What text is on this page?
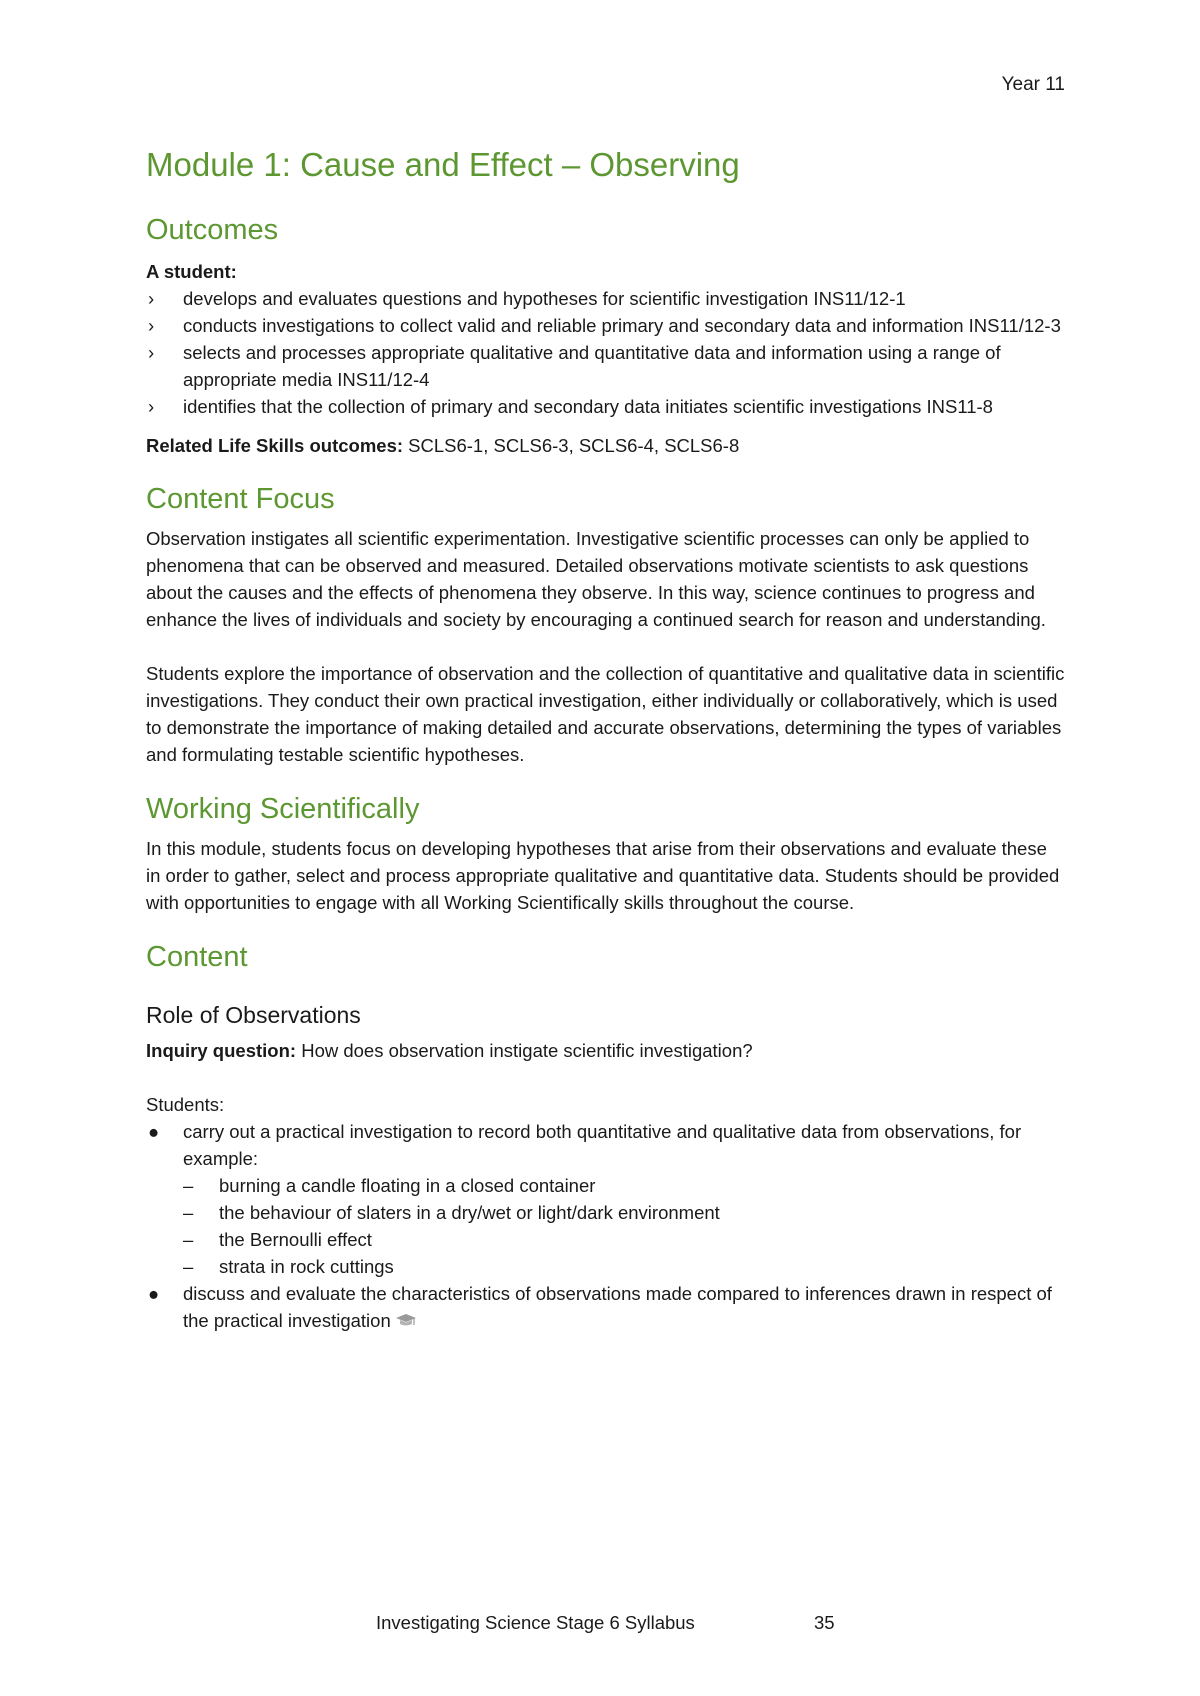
Year 11
Module 1: Cause and Effect – Observing
Outcomes
A student:
› develops and evaluates questions and hypotheses for scientific investigation INS11/12-1
› conducts investigations to collect valid and reliable primary and secondary data and information INS11/12-3
› selects and processes appropriate qualitative and quantitative data and information using a range of appropriate media INS11/12-4
› identifies that the collection of primary and secondary data initiates scientific investigations INS11-8
Related Life Skills outcomes: SCLS6-1, SCLS6-3, SCLS6-4, SCLS6-8
Content Focus

Observation instigates all scientific experimentation. Investigative scientific processes can only be applied to phenomena that can be observed and measured. Detailed observations motivate scientists to ask questions about the causes and the effects of phenomena they observe. In this way, science continues to progress and enhance the lives of individuals and society by encouraging a continued search for reason and understanding.

Students explore the importance of observation and the collection of quantitative and qualitative data in scientific investigations. They conduct their own practical investigation, either individually or collaboratively, which is used to demonstrate the importance of making detailed and accurate observations, determining the types of variables and formulating testable scientific hypotheses.

Working Scientifically

In this module, students focus on developing hypotheses that arise from their observations and evaluate these in order to gather, select and process appropriate qualitative and quantitative data. Students should be provided with opportunities to engage with all Working Scientifically skills throughout the course.

Content
Role of Observations
Inquiry question: How does observation instigate scientific investigation?
Students:
● carry out a practical investigation to record both quantitative and qualitative data from observations, for example:
– burning a candle floating in a closed container
– the behaviour of slaters in a dry/wet or light/dark environment
– the Bernoulli effect
– strata in rock cuttings
● discuss and evaluate the characteristics of observations made compared to inferences drawn in respect of the practical investigation
Investigating Science Stage 6 Syllabus	35
